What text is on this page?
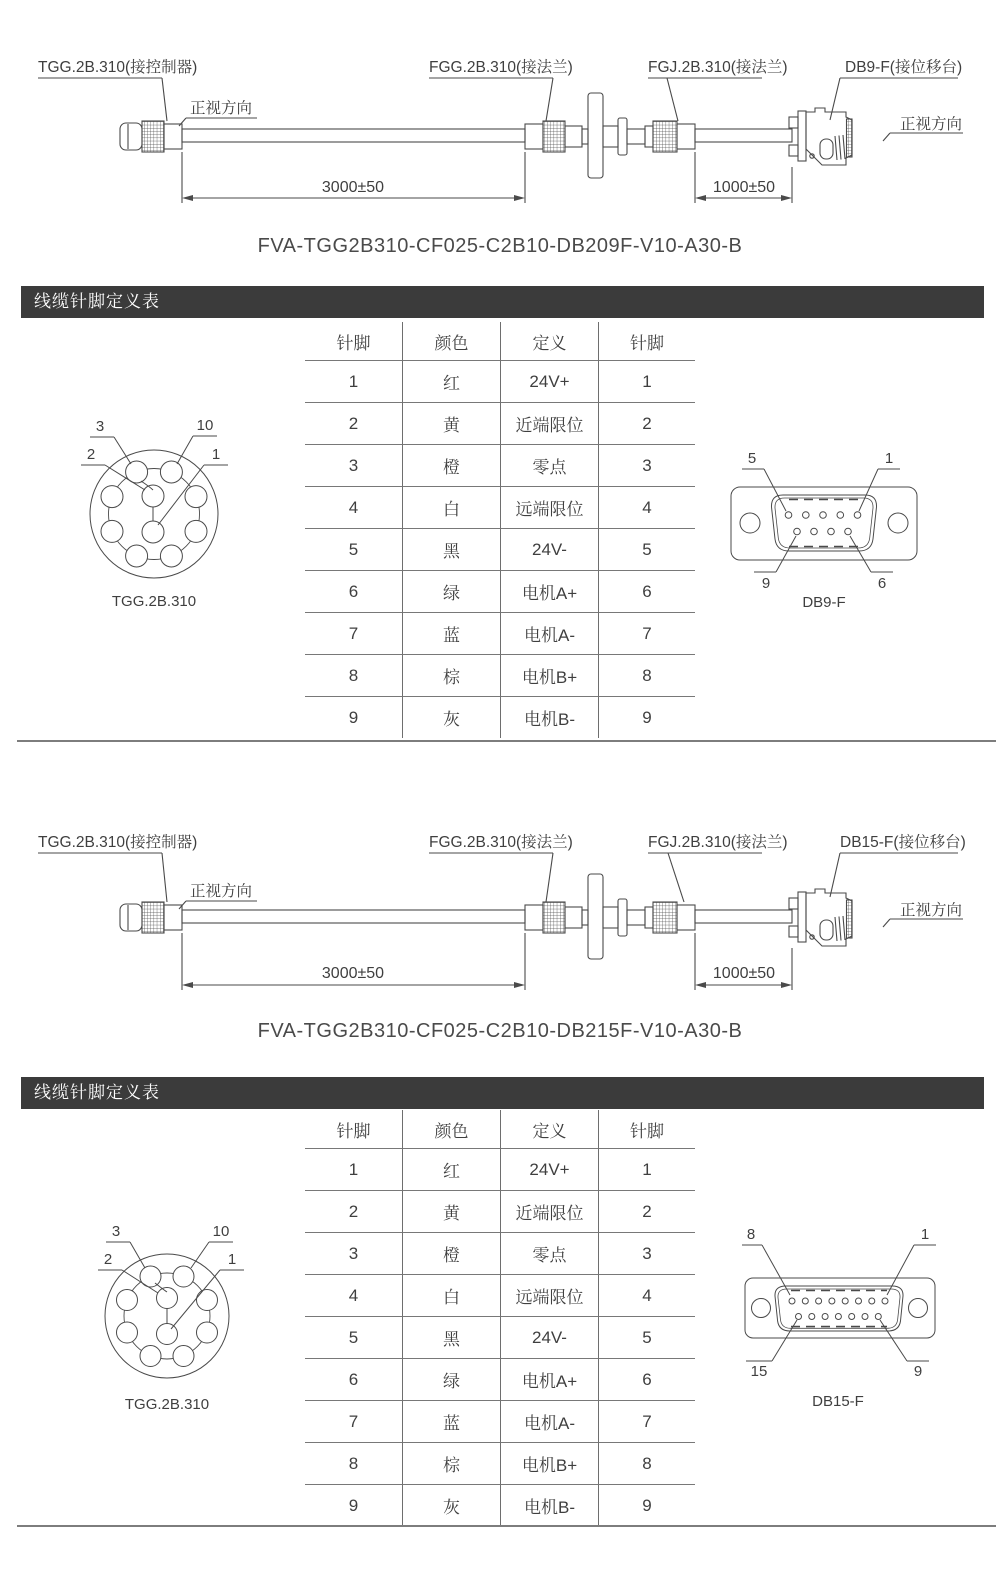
TGG.2B.310(接控制器)	FGG.2B.310(接法兰)	FGJ.2B.310(接法兰)	DB9-F(接位移台)
正视方向
正视方向
3000±50	1000±50
FVA-TGG2B310-CF025-C2B10-DB209F-V10-A30-B
线缆针脚定义表
3	10
2	1
TGG.2B.310
5	1
9	6
DB9-F
针脚	颜色	定义	针脚
1	红	24V+	1
2	黄	近端限位	2
3	橙	零点	3
4	白	远端限位	4
5	黑	24V-	5
6	绿	电机A+	6
7	蓝	电机A-	7
8	棕	电机B+	8
9	灰	电机B-	9
TGG.2B.310(接控制器)	FGG.2B.310(接法兰)	FGJ.2B.310(接法兰)	DB15-F(接位移台)
正视方向
正视方向
3000±50	1000±50
FVA-TGG2B310-CF025-C2B10-DB215F-V10-A30-B
线缆针脚定义表
3	10
2	1
TGG.2B.310
8	1
15	9
DB15-F
针脚	颜色	定义	针脚
1	红	24V+	1
2	黄	近端限位	2
3	橙	零点	3
4	白	远端限位	4
5	黑	24V-	5
6	绿	电机A+	6
7	蓝	电机A-	7
8	棕	电机B+	8
9	灰	电机B-	9
